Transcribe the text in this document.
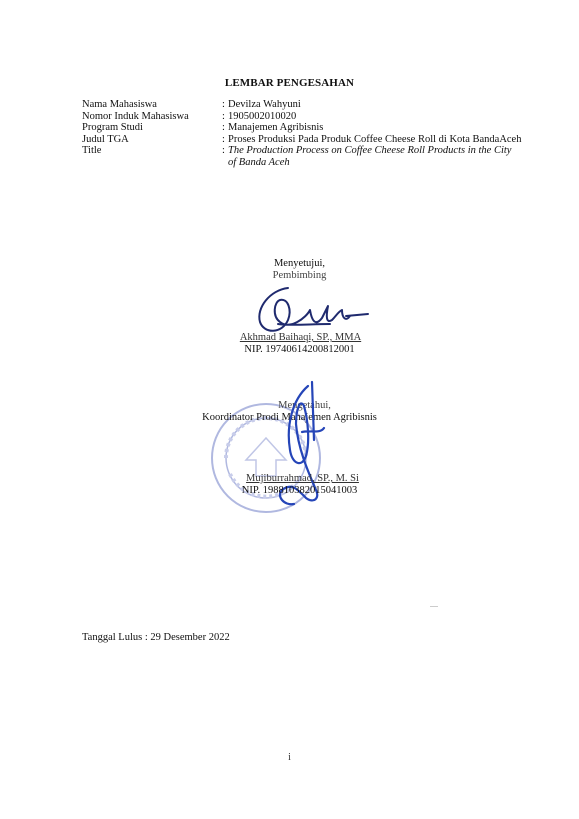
LEMBAR PENGESAHAN
Nama Mahasiswa	: Devilza Wahyuni
Nomor Induk Mahasiswa	: 1905002010020
Program Studi	: Manajemen Agribisnis
Judul TGA	: Proses Produksi Pada Produk Coffee Cheese Roll di Kota BandaAceh
Title	: The Production Process on Coffee Cheese Roll Products in the City of Banda Aceh
Menyetujui,
Pembimbing
Akhmad Baihaqi, SP., MMA
NIP. 19740614200812001
Mengetahui,
Koordinator Prodi Manajemen Agribisnis
Mujiburrahmad, SP., M. Si
NIP. 198810382015041003
Tanggal Lulus : 29 Desember 2022
i
